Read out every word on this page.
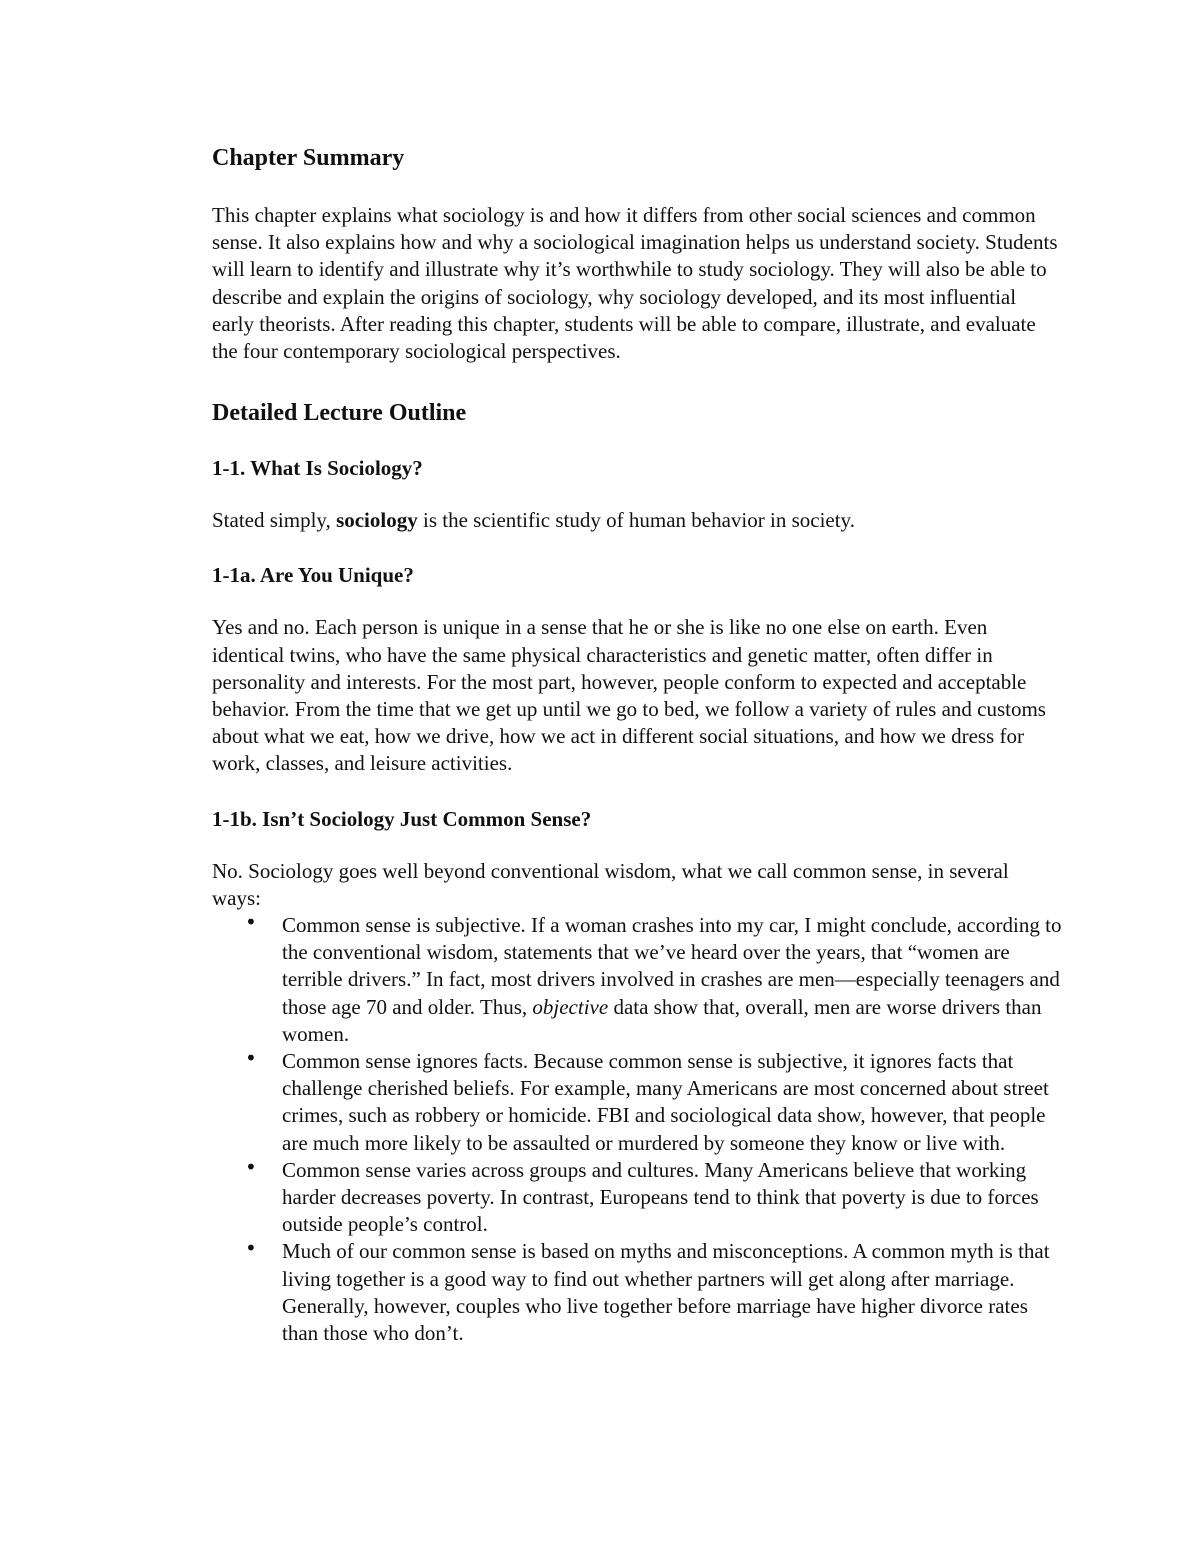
Chapter Summary

This chapter explains what sociology is and how it differs from other social sciences and common sense. It also explains how and why a sociological imagination helps us understand society. Students will learn to identify and illustrate why it’s worthwhile to study sociology. They will also be able to describe and explain the origins of sociology, why sociology developed, and its most influential early theorists. After reading this chapter, students will be able to compare, illustrate, and evaluate the four contemporary sociological perspectives.

Detailed Lecture Outline
1-1. What Is Sociology?

Stated simply, sociology is the scientific study of human behavior in society.

1-1a. Are You Unique?

Yes and no. Each person is unique in a sense that he or she is like no one else on earth. Even identical twins, who have the same physical characteristics and genetic matter, often differ in personality and interests. For the most part, however, people conform to expected and acceptable behavior. From the time that we get up until we go to bed, we follow a variety of rules and customs about what we eat, how we drive, how we act in different social situations, and how we dress for work, classes, and leisure activities.

1-1b. Isn’t Sociology Just Common Sense?

No. Sociology goes well beyond conventional wisdom, what we call common sense, in several ways:

• Common sense is subjective. If a woman crashes into my car, I might conclude, according to the conventional wisdom, statements that we’ve heard over the years, that “women are terrible drivers.” In fact, most drivers involved in crashes are men—especially teenagers and those age 70 and older. Thus, objective data show that, overall, men are worse drivers than women.
• Common sense ignores facts. Because common sense is subjective, it ignores facts that challenge cherished beliefs. For example, many Americans are most concerned about street crimes, such as robbery or homicide. FBI and sociological data show, however, that people are much more likely to be assaulted or murdered by someone they know or live with.
• Common sense varies across groups and cultures. Many Americans believe that working harder decreases poverty. In contrast, Europeans tend to think that poverty is due to forces outside people’s control.
• Much of our common sense is based on myths and misconceptions. A common myth is that living together is a good way to find out whether partners will get along after marriage. Generally, however, couples who live together before marriage have higher divorce rates than those who don’t.
